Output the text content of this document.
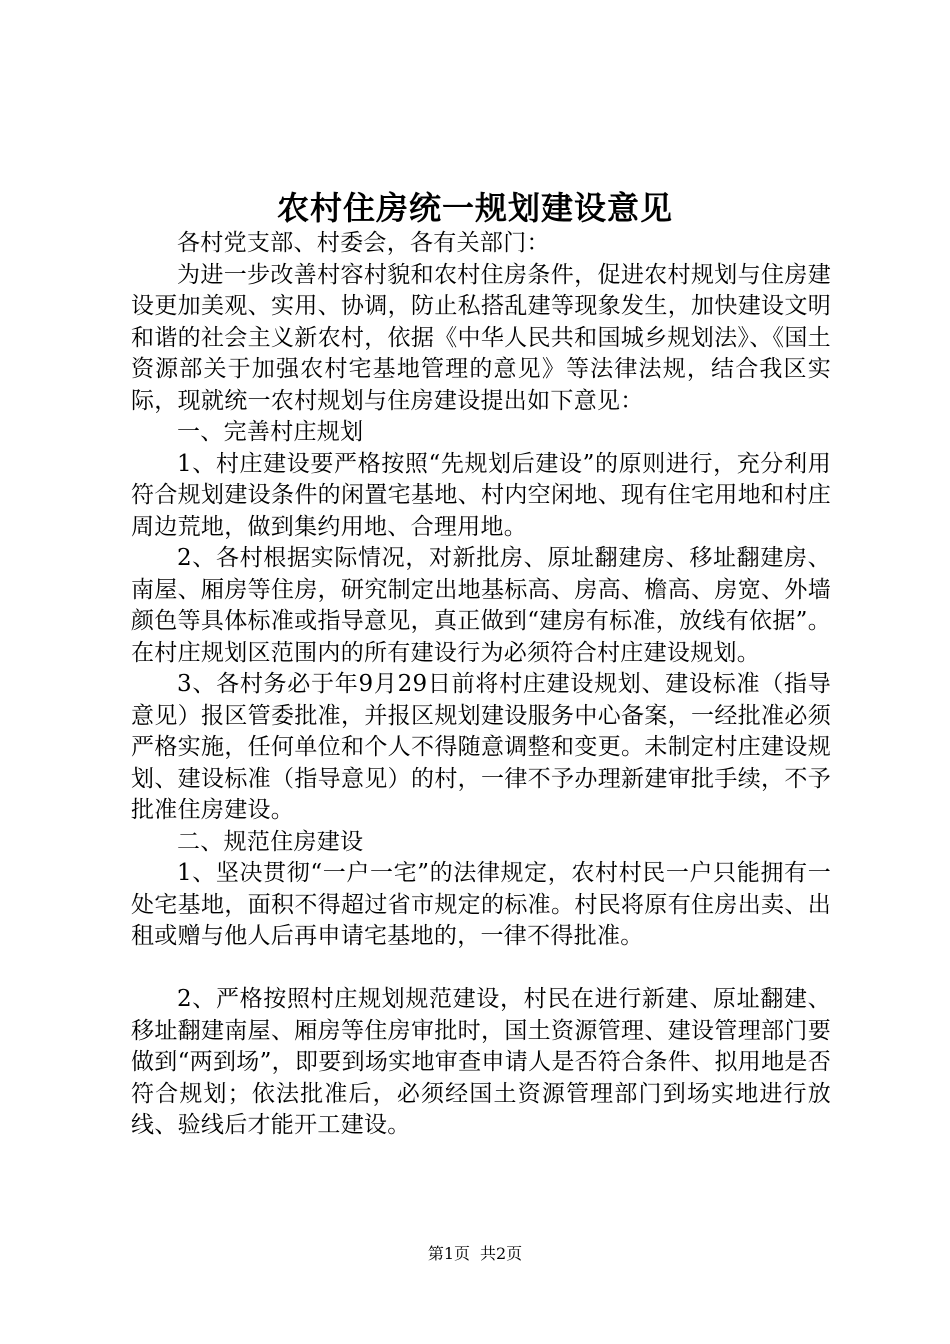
农村住房统一规划建设意见

各村党支部、村委会，各有关部门：

为进一步改善村容村貌和农村住房条件，促进农村规划与住房建设更加美观、实用、协调，防止私搭乱建等现象发生，加快建设文明和谐的社会主义新农村，依据《中华人民共和国城乡规划法》、《国土资源部关于加强农村宅基地管理的意见》等法律法规，结合我区实际，现就统一农村规划与住房建设提出如下意见：

一、完善村庄规划

1、村庄建设要严格按照“先规划后建设”的原则进行，充分利用符合规划建设条件的闲置宅基地、村内空闲地、现有住宅用地和村庄周边荒地，做到集约用地、合理用地。

2、各村根据实际情况，对新批房、原址翻建房、移址翻建房、南屋、厢房等住房，研究制定出地基标高、房高、檐高、房宽、外墙颜色等具体标准或指导意见，真正做到“建房有标准，放线有依据”。在村庄规划区范围内的所有建设行为必须符合村庄建设规划。

3、各村务必于年9月29日前将村庄建设规划、建设标准（指导意见）报区管委批准，并报区规划建设服务中心备案，一经批准必须严格实施，任何单位和个人不得随意调整和变更。未制定村庄建设规划、建设标准（指导意见）的村，一律不予办理新建审批手续，不予批准住房建设。

二、规范住房建设

1、坚决贯彻“一户一宅”的法律规定，农村村民一户只能拥有一处宅基地，面积不得超过省市规定的标准。村民将原有住房出卖、出租或赠与他人后再申请宅基地的，一律不得批准。

2、严格按照村庄规划规范建设，村民在进行新建、原址翻建、移址翻建南屋、厢房等住房审批时，国土资源管理、建设管理部门要做到“两到场”，即要到场实地审查申请人是否符合条件、拟用地是否符合规划；依法批准后，必须经国土资源管理部门到场实地进行放线、验线后才能开工建设。

第1页 共2页
